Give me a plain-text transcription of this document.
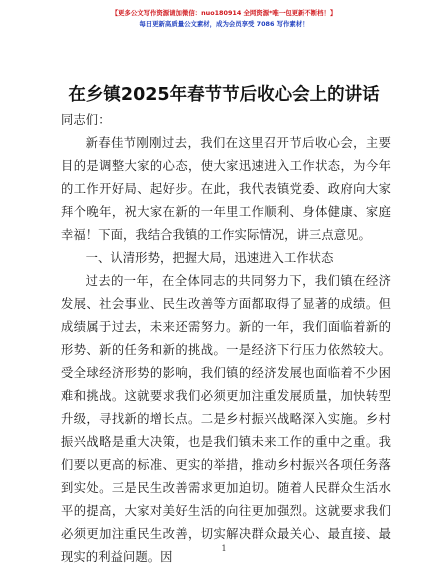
【更多公文写作资源请加微信：nuo180914 全网资源*唯一包更新不断档！】
每日更新高质量公文素材，成为会员享受 7086 写作素材！
在乡镇2025年春节节后收心会上的讲话

同志们：

新春佳节刚刚过去，我们在这里召开节后收心会，主要目的是调整大家的心态，使大家迅速进入工作状态，为今年的工作开好局、起好步。在此，我代表镇党委、政府向大家拜个晚年，祝大家在新的一年里工作顺利、身体健康、家庭幸福！下面，我结合我镇的工作实际情况，讲三点意见。

一、认清形势，把握大局，迅速进入工作状态

过去的一年，在全体同志的共同努力下，我们镇在经济发展、社会事业、民生改善等方面都取得了显著的成绩。但成绩属于过去，未来还需努力。新的一年，我们面临着新的形势、新的任务和新的挑战。一是经济下行压力依然较大。受全球经济形势的影响，我们镇的经济发展也面临着不少困难和挑战。这就要求我们必须更加注重发展质量，加快转型升级，寻找新的增长点。二是乡村振兴战略深入实施。乡村振兴战略是重大决策，也是我们镇未来工作的重中之重。我们要以更高的标准、更实的举措，推动乡村振兴各项任务落到实处。三是民生改善需求更加迫切。随着人民群众生活水平的提高，大家对美好生活的向往更加强烈。这就要求我们必须更加注重民生改善，切实解决群众最关心、最直接、最现实的利益问题。因

1
